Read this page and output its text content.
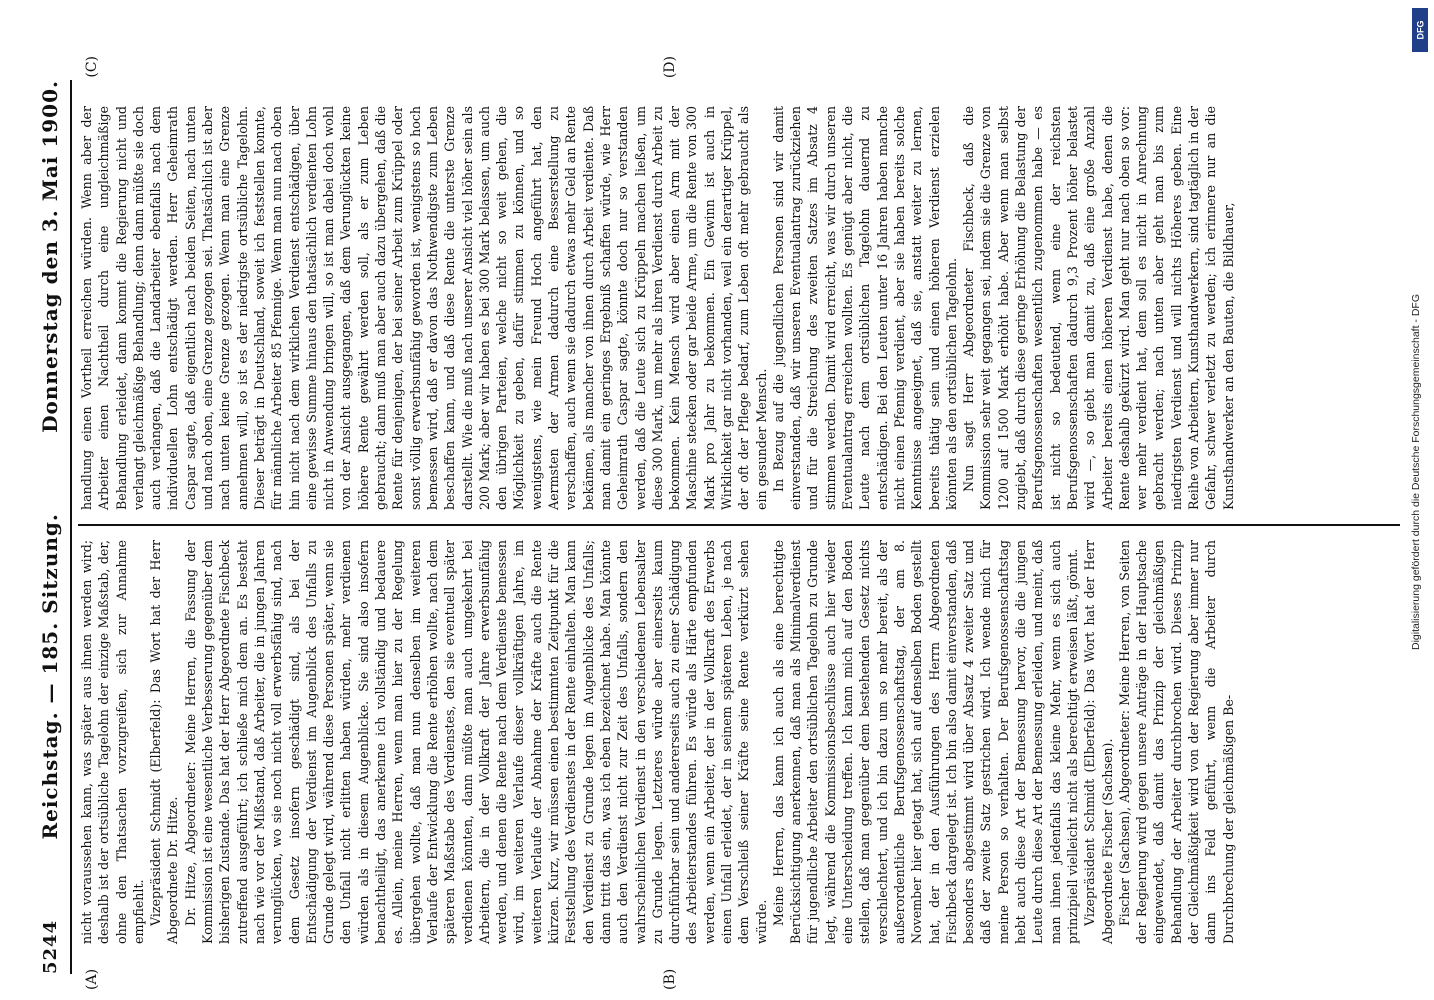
5244
Reichstag. — 185. Sitzung.
Donnerstag den 3. Mai 1900.
(A)	(B)
(C)	(D)

nicht voraussehen kann, was später aus ihnen werden wird; deshalb ist der ortsübliche Tagelohn der einzige Maßstab, der, ohne den Thatsachen vorzugreifen, sich zur Annahme empfiehlt. Vizepräsident Schmidt (Elberfeld): Das Wort hat der Herr Abgeordnete Dr. Hitze. Dr. Hitze, Abgeordneter: Meine Herren, die Fassung der Kommission ist eine wesentliche Verbesserung gegenüber dem bisherigen Zustande. Das hat der Herr Abgeordnete Fischbeck zutreffend ausgeführt; ich schließe mich dem an. Es besteht nach wie vor der Mißstand, daß Arbeiter, die in jungen Jahren verunglücken, wo sie noch nicht voll erwerbsfähig sind, nach dem Gesetz insofern geschädigt sind, als bei der Entschädigung der Verdienst im Augenblick des Unfalls zu Grunde gelegt wird, während diese Personen später, wenn sie den Unfall nicht erlitten haben würden, mehr verdienen würden als in diesem Augenblicke. Sie sind also insofern benachtheiligt, das anerkenne ich vollständig und bedauere es. Allein, meine Herren, wenn man hier zu der Regelung übergehen wollte, daß man nun denselben im weiteren Verlaufe der Entwicklung die Rente erhöhen wollte, nach dem späteren Maßstabe des Verdienstes, den sie eventuell später verdienen könnten, dann müßte man auch umgekehrt bei Arbeitern, die in der Vollkraft der Jahre erwerbsunfähig werden, und denen die Rente nach dem Verdienste bemessen wird, im weiteren Verlaufe dieser vollkräftigen Jahre, im weiteren Verlaufe der Abnahme der Kräfte auch die Rente kürzen. Kurz, wir müssen einen bestimmten Zeitpunkt für die Feststellung des Verdienstes in der Rente einhalten. Man kann den Verdienst zu Grunde legen im Augenblicke des Unfalls; dann tritt das ein, was ich eben bezeichnet habe. Man könnte auch den Verdienst nicht zur Zeit des Unfalls, sondern den wahrscheinlichen Verdienst in den verschiedenen Lebensalter zu Grunde legen. Letzteres würde aber einerseits kaum durchführbar sein und andererseits auch zu einer Schädigung des Arbeiterstandes führen. Es würde als Härte empfunden werden, wenn ein Arbeiter, der in der Vollkraft des Erwerbs einen Unfall erleidet, der in seinem späteren Leben, je nach dem Verschleiß seiner Kräfte seine Rente verkürzt sehen würde. Meine Herren, das kann ich auch als eine berechtigte Berücksichtigung anerkennen, daß man als Minimalverdienst für jugendliche Arbeiter den ortsüblichen Tagelohn zu Grunde legt, während die Kommissionsbeschlüsse auch hier wieder eine Unterscheidung treffen. Ich kann mich auf den Boden stellen, daß man gegenüber dem bestehenden Gesetz nichts verschlechtert, und ich bin dazu um so mehr bereit, als der außerordentliche Berufsgenossenschaftstag, der am 8. November hier getagt hat, sich auf denselben Boden gestellt hat, der in den Ausführungen des Herrn Abgeordneten Fischbeck dargelegt ist. Ich bin also damit einverstanden, daß besonders abgestimmt wird über Absatz 4 zweiter Satz und daß der zweite Satz gestrichen wird. Ich wende mich für meine Person so verhalten. Der Berufsgenossenschaftstag hebt auch diese Art der Bemessung hervor, die die jungen Leute durch diese Art der Bemessung erleiden, und meint, daß man ihnen jedenfalls das kleine Mehr, wenn es sich auch prinzipiell vielleicht nicht als berechtigt erweisen läßt, gönnt. Vizepräsident Schmidt (Elberfeld): Das Wort hat der Herr Abgeordnete Fischer (Sachsen). Fischer (Sachsen), Abgeordneter: Meine Herren, von Seiten der Regierung wird gegen unsere Anträge in der Hauptsache eingewendet, daß damit das Prinzip der gleichmäßigen Behandlung der Arbeiter durchbrochen wird. Dieses Prinzip der Gleichmäßigkeit wird von der Regierung aber immer nur dann ins Feld geführt, wenn die Arbeiter durch Durchbrechung der gleichmäßigen Be-

handlung einen Vortheil erreichen würden. Wenn aber der Arbeiter einen Nachtheil durch eine ungleichmäßige Behandlung erleidet, dann kommt die Regierung nicht und verlangt gleichmäßige Behandlung; denn dann müßte sie doch auch verlangen, daß die Landarbeiter ebenfalls nach dem individuellen Lohn entschädigt werden. Herr Geheimrath Caspar sagte, daß eigentlich nach beiden Seiten, nach unten und nach oben, eine Grenze gezogen sei. Thatsächlich ist aber nach unten keine Grenze gezogen. Wenn man eine Grenze annehmen will, so ist es der niedrigste ortsübliche Tagelohn. Dieser beträgt in Deutschland, soweit ich feststellen konnte, für männliche Arbeiter 85 Pfennige. Wenn man nun nach oben hin nicht nach dem wirklichen Verdienst entschädigen, über eine gewisse Summe hinaus den thatsächlich verdienten Lohn nicht in Anwendung bringen will, so ist man dabei doch wohl von der Ansicht ausgegangen, daß dem Verunglückten keine höhere Rente gewährt werden soll, als er zum Leben gebraucht; dann muß man aber auch dazu übergehen, daß die Rente für denjenigen, der bei seiner Arbeit zum Krüppel oder sonst völlig erwerbsunfähig geworden ist, wenigstens so hoch bemessen wird, daß er davon das Nothwendigste zum Leben beschaffen kann, und daß diese Rente die unterste Grenze darstellt. Wie die muß nach unserer Ansicht viel höher sein als 200 Mark; aber wir haben es bei 300 Mark belassen, um auch den übrigen Parteien, welche nicht so weit gehen, die Möglichkeit zu geben, dafür stimmen zu können, und so wenigstens, wie mein Freund Hoch angeführt hat, den Aermsten der Armen dadurch eine Besserstellung zu verschaffen, auch wenn sie dadurch etwas mehr Geld an Rente bekämen, als mancher von ihnen durch Arbeit verdiente. Daß man damit ein geringes Ergebniß schaffen würde, wie Herr Geheimrath Caspar sagte, könnte doch nur so verstanden werden, daß die Leute sich zu Krüppeln machen ließen, um diese 300 Mark, um mehr als ihren Verdienst durch Arbeit zu bekommen. Kein Mensch wird aber einen Arm mit der Maschine stecken oder gar beide Arme, um die Rente von 300 Mark pro Jahr zu bekommen. Ein Gewinn ist auch in Wirklichkeit gar nicht vorhanden, weil ein derartiger Krüppel, der oft der Pflege bedarf, zum Leben oft mehr gebraucht als ein gesunder Mensch. In Bezug auf die jugendlichen Personen sind wir damit einverstanden, daß wir unseren Eventualantrag zurückziehen und für die Streichung des zweiten Satzes im Absatz 4 stimmen werden. Damit wird erreicht, was wir durch unseren Eventualantrag erreichen wollten. Es genügt aber nicht, die Leute nach dem ortsüblichen Tagelohn dauernd zu entschädigen. Bei den Leuten unter 16 Jahren haben manche nicht einen Pfennig verdient, aber sie haben bereits solche Kenntnisse angeeignet, daß sie, anstatt weiter zu lernen, bereits thätig sein und einen höheren Verdienst erzielen könnten als den ortsüblichen Tagelohn. Nun sagt Herr Abgeordneter Fischbeck, daß die Kommission sehr weit gegangen sei, indem sie die Grenze von 1200 auf 1500 Mark erhöht habe. Aber wenn man selbst zugiebt, daß durch diese geringe Erhöhung die Belastung der Berufsgenossenschaften wesentlich zugenommen habe — es ist nicht so bedeutend, wenn eine der reichsten Berufsgenossenschaften dadurch 9,3 Prozent höher belastet wird —, so giebt man damit zu, daß eine große Anzahl Arbeiter bereits einen höheren Verdienst habe, denen die Rente deshalb gekürzt wird. Man geht nur nach oben so vor: wer mehr verdient hat, dem soll es nicht in Anrechnung gebracht werden; nach unten aber geht man bis zum niedrigsten Verdienst und will nichts Höheres geben. Eine Reihe von Arbeitern, Kunsthandwerkern, sind tagtäglich in der Gefahr, schwer verletzt zu werden; ich erinnere nur an die Kunsthandwerker an den Bauten, die Bildhauer,

DFG
Digitalisierung gefördert durch die Deutsche Forschungsgemeinschaft - DFG
